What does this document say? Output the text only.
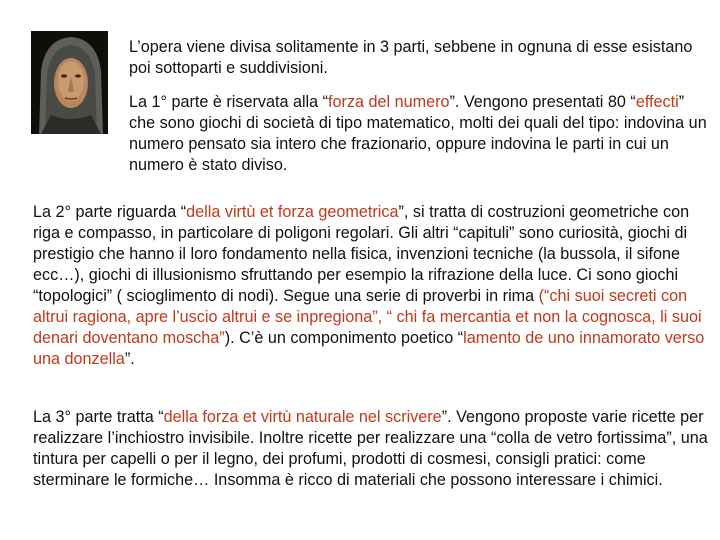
L’opera viene divisa solitamente in 3 parti, sebbene in ognuna di esse esistano poi sottoparti e suddivisioni.

La 1° parte è riservata alla “forza del numero”. Vengono presentati 80 “effecti” che sono giochi di società di tipo matematico, molti dei quali del tipo: indovina un numero pensato sia intero che frazionario, oppure indovina le parti in cui un numero è stato diviso.

La 2° parte riguarda “della virtù et forza geometrica”, si tratta di costruzioni geometriche con riga e compasso, in particolare di poligoni regolari. Gli altri “capituli” sono curiosità, giochi di prestigio che hanno il loro fondamento nella fisica, invenzioni tecniche (la bussola, il sifone ecc…), giochi di illusionismo sfruttando per esempio la rifrazione della luce. Ci sono giochi “topologici” ( scioglimento di nodi). Segue una serie di proverbi in rima (“chi suoi secreti con altrui ragiona, apre l’uscio altrui e se inpregiona”, “ chi fa mercantia et non la cognosca, li suoi denari doventano moscha”). C’è un componimento poetico “lamento de uno innamorato verso una donzella”.

La 3° parte tratta “della forza et virtù naturale nel scrivere”. Vengono proposte varie ricette per realizzare l’inchiostro invisibile. Inoltre ricette per realizzare una “colla de vetro fortissima”, una tintura per capelli o per il legno, dei profumi, prodotti di cosmesi, consigli pratici: come sterminare le formiche… Insomma è ricco di materiali che possono interessare i chimici.
